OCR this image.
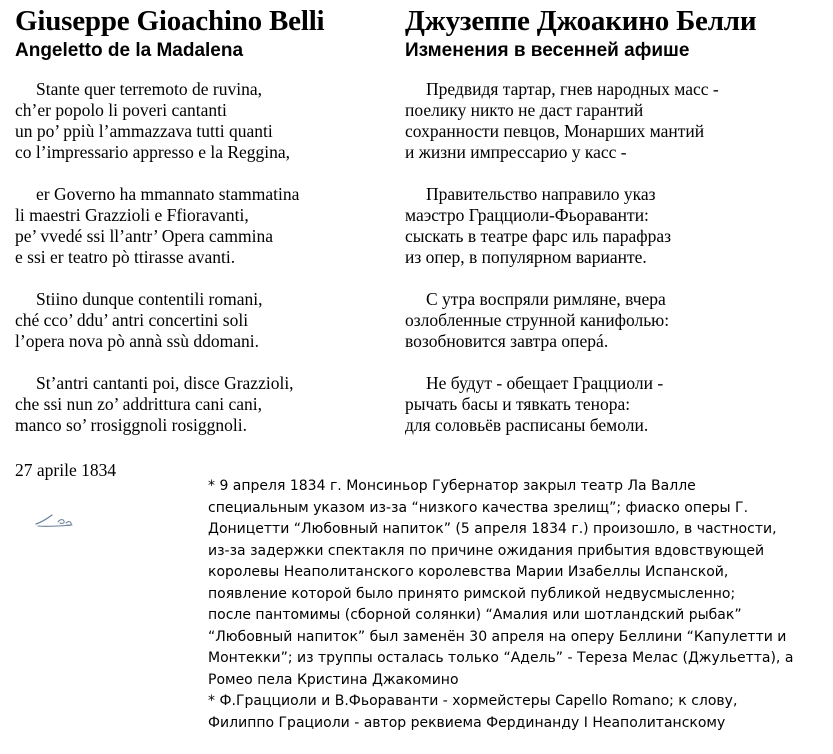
Giuseppe Gioachino Belli
Angeletto de la Madalena

Stante quer terremoto de ruvina,
ch’er popolo li poveri cantanti
un po’ ppiù l’ammazzava tutti quanti
co l’impressario appresso e la Reggina,

er Governo ha mmannato stammatina
li maestri Grazzioli e Ffioravanti,
pe’ vvedé ssi ll’antr’ Opera cammina
e ssi er teatro pò ttirasse avanti.

Stiino dunque contentili romani,
ché cco’ ddu’ antri concertini soli
l’opera nova pò annà ssù ddomani.

St’antri cantanti poi, disce Grazzioli,
che ssi nun zo’ addrittura cani cani,
manco so’ rrosiggnoli rosiggnoli.

Джузеппе Джоакино Белли
Изменения в весенней афише

Предвидя тартар, гнев народных масс -
поелику никто не даст гарантий
сохранности певцов, Монарших мантий
и жизни импрессарио у касс -

Правительство направило указ
маэстро Грацциоли-Фьораванти:
сыскать в театре фарс иль парафраз
из опер, в популярном варианте.

С утра воспряли римляне, вчера
озлобленные струнной канифолью:
возобновится завтра оперá.

Не будут - обещает Грацциоли -
рычать басы и тявкать тенора:
для соловьёв расписаны бемоли.

27 aprile 1834
* 9 апреля 1834 г. Монсиньор Губернатор закрыл театр Ла Валле
специальным указом из-за “низкого качества зрелищ”; фиаско оперы Г.
Доницетти “Любовный напиток” (5 апреля 1834 г.) произошло, в частности,
из-за задержки спектакля по причине ожидания прибытия вдовствующей
королевы Неаполитанского королевства Марии Изабеллы Испанской,
появление которой было принято римской публикой недвусмысленно;
после пантомимы (сборной солянки) “Амалия или шотландский рыбак”
“Любовный напиток” был заменён 30 апреля на оперу Беллини “Капулетти и
Монтекки”; из труппы осталась только “Адель” - Тереза Мелас (Джульетта), а
Ромео пела Кристина Джакомино
* Ф.Грацциоли и В.Фьораванти - хормейстеры Capello Romano; к слову,
Филиппо Грациоли - автор реквиема Фердинанду I Неаполитанскому
